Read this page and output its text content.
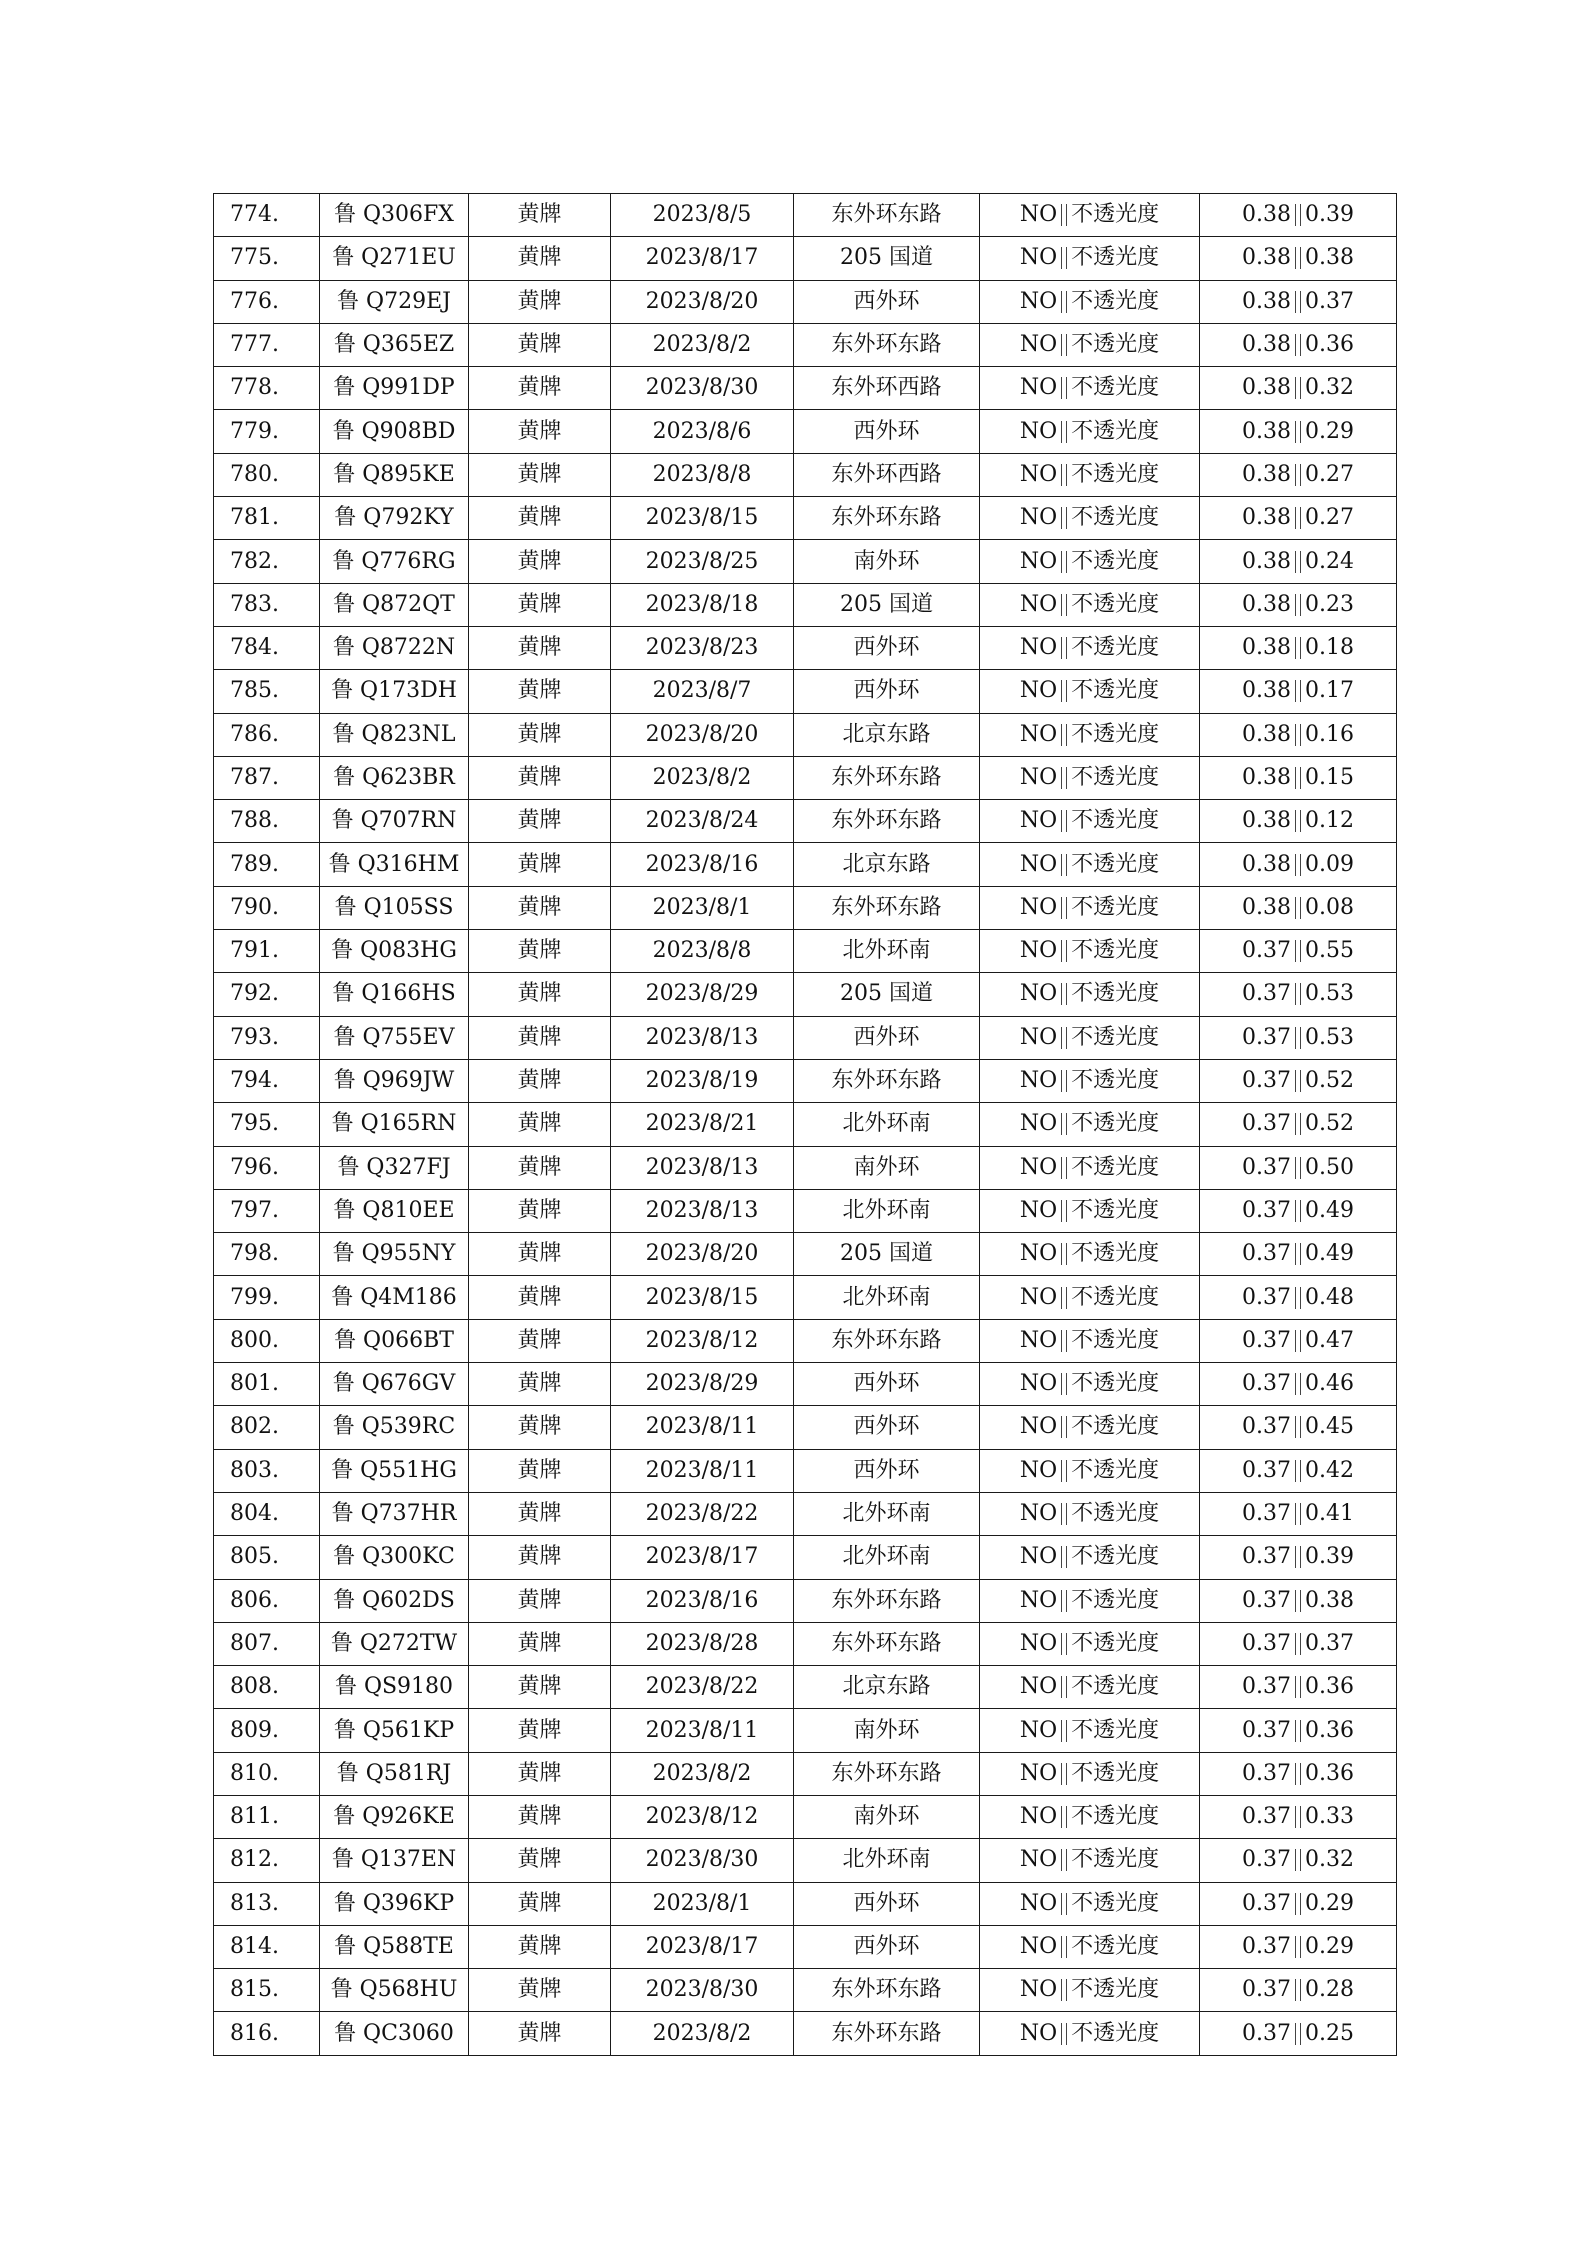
774.	鲁 Q306FX	黄牌	2023/8/5	东外环东路	NO 不透光度	0.38 0.39
775.	鲁 Q271EU	黄牌	2023/8/17	205 国道	NO 不透光度	0.38 0.38
776.	鲁 Q729EJ	黄牌	2023/8/20	西外环	NO 不透光度	0.38 0.37
777.	鲁 Q365EZ	黄牌	2023/8/2	东外环东路	NO 不透光度	0.38 0.36
778.	鲁 Q991DP	黄牌	2023/8/30	东外环西路	NO 不透光度	0.38 0.32
779.	鲁 Q908BD	黄牌	2023/8/6	西外环	NO 不透光度	0.38 0.29
780.	鲁 Q895KE	黄牌	2023/8/8	东外环西路	NO 不透光度	0.38 0.27
781.	鲁 Q792KY	黄牌	2023/8/15	东外环东路	NO 不透光度	0.38 0.27
782.	鲁 Q776RG	黄牌	2023/8/25	南外环	NO 不透光度	0.38 0.24
783.	鲁 Q872QT	黄牌	2023/8/18	205 国道	NO 不透光度	0.38 0.23
784.	鲁 Q8722N	黄牌	2023/8/23	西外环	NO 不透光度	0.38 0.18
785.	鲁 Q173DH	黄牌	2023/8/7	西外环	NO 不透光度	0.38 0.17
786.	鲁 Q823NL	黄牌	2023/8/20	北京东路	NO 不透光度	0.38 0.16
787.	鲁 Q623BR	黄牌	2023/8/2	东外环东路	NO 不透光度	0.38 0.15
788.	鲁 Q707RN	黄牌	2023/8/24	东外环东路	NO 不透光度	0.38 0.12
789.	鲁 Q316HM	黄牌	2023/8/16	北京东路	NO 不透光度	0.38 0.09
790.	鲁 Q105SS	黄牌	2023/8/1	东外环东路	NO 不透光度	0.38 0.08
791.	鲁 Q083HG	黄牌	2023/8/8	北外环南	NO 不透光度	0.37 0.55
792.	鲁 Q166HS	黄牌	2023/8/29	205 国道	NO 不透光度	0.37 0.53
793.	鲁 Q755EV	黄牌	2023/8/13	西外环	NO 不透光度	0.37 0.53
794.	鲁 Q969JW	黄牌	2023/8/19	东外环东路	NO 不透光度	0.37 0.52
795.	鲁 Q165RN	黄牌	2023/8/21	北外环南	NO 不透光度	0.37 0.52
796.	鲁 Q327FJ	黄牌	2023/8/13	南外环	NO 不透光度	0.37 0.50
797.	鲁 Q810EE	黄牌	2023/8/13	北外环南	NO 不透光度	0.37 0.49
798.	鲁 Q955NY	黄牌	2023/8/20	205 国道	NO 不透光度	0.37 0.49
799.	鲁 Q4M186	黄牌	2023/8/15	北外环南	NO 不透光度	0.37 0.48
800.	鲁 Q066BT	黄牌	2023/8/12	东外环东路	NO 不透光度	0.37 0.47
801.	鲁 Q676GV	黄牌	2023/8/29	西外环	NO 不透光度	0.37 0.46
802.	鲁 Q539RC	黄牌	2023/8/11	西外环	NO 不透光度	0.37 0.45
803.	鲁 Q551HG	黄牌	2023/8/11	西外环	NO 不透光度	0.37 0.42
804.	鲁 Q737HR	黄牌	2023/8/22	北外环南	NO 不透光度	0.37 0.41
805.	鲁 Q300KC	黄牌	2023/8/17	北外环南	NO 不透光度	0.37 0.39
806.	鲁 Q602DS	黄牌	2023/8/16	东外环东路	NO 不透光度	0.37 0.38
807.	鲁 Q272TW	黄牌	2023/8/28	东外环东路	NO 不透光度	0.37 0.37
808.	鲁 QS9180	黄牌	2023/8/22	北京东路	NO 不透光度	0.37 0.36
809.	鲁 Q561KP	黄牌	2023/8/11	南外环	NO 不透光度	0.37 0.36
810.	鲁 Q581RJ	黄牌	2023/8/2	东外环东路	NO 不透光度	0.37 0.36
811.	鲁 Q926KE	黄牌	2023/8/12	南外环	NO 不透光度	0.37 0.33
812.	鲁 Q137EN	黄牌	2023/8/30	北外环南	NO 不透光度	0.37 0.32
813.	鲁 Q396KP	黄牌	2023/8/1	西外环	NO 不透光度	0.37 0.29
814.	鲁 Q588TE	黄牌	2023/8/17	西外环	NO 不透光度	0.37 0.29
815.	鲁 Q568HU	黄牌	2023/8/30	东外环东路	NO 不透光度	0.37 0.28
816.	鲁 QC3060	黄牌	2023/8/2	东外环东路	NO 不透光度	0.37 0.25
